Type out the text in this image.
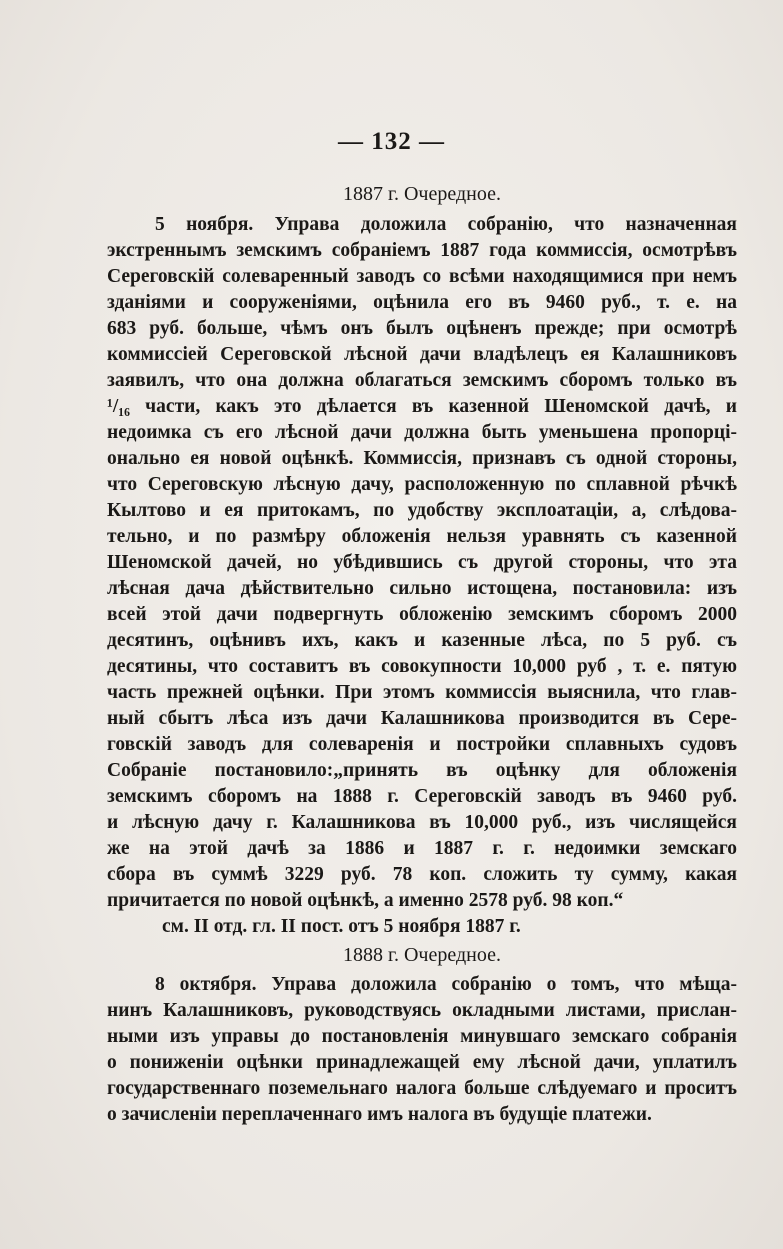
— 132 —
1887 г. Очередное.
5 ноября. Управа доложила собранію, что назначенная
экстреннымъ земскимъ собраніемъ 1887 года коммиссія, осмотрѣвъ
Сереговскій солеваренный заводъ со всѣми находящимися при немъ
зданіями и сооруженіями, оцѣнила его въ 9460 руб., т. е. на
683 руб. больше, чѣмъ онъ былъ оцѣненъ прежде; при осмотрѣ
коммиссіей Сереговской лѣсной дачи владѣлецъ ея Калашниковъ
заявилъ, что она должна облагаться земскимъ сборомъ только въ
¹/₁₆ части, какъ это дѣлается въ казенной Шеномской дачѣ, и
недоимка съ его лѣсной дачи должна быть уменьшена пропорці-
онально ея новой оцѣнкѣ. Коммиссія, признавъ съ одной стороны,
что Сереговскую лѣсную дачу, расположенную по сплавной рѣчкѣ
Кылтово и ея притокамъ, по удобству эксплоатаціи, а, слѣдова-
тельно, и по размѣру обложенія нельзя уравнять съ казенной
Шеномской дачей, но убѣдившись съ другой стороны, что эта
лѣсная дача дѣйствительно сильно истощена, постановила: изъ
всей этой дачи подвергнуть обложенію земскимъ сборомъ 2000
десятинъ, оцѣнивъ ихъ, какъ и казенные лѣса, по 5 руб. съ
десятины, что составитъ въ совокупности 10,000 руб , т. е. пятую
часть прежней оцѣнки. При этомъ коммиссія выяснила, что глав-
ный сбытъ лѣса изъ дачи Калашникова производится въ Сере-
говскій заводъ для солеваренія и постройки сплавныхъ судовъ
Собраніе постановило:„принять въ оцѣнку для обложенія
земскимъ сборомъ на 1888 г. Сереговскій заводъ въ 9460 руб.
и лѣсную дачу г. Калашникова въ 10,000 руб., изъ числящейся
же на этой дачѣ за 1886 и 1887 г. г. недоимки земскаго
сбора въ суммѣ 3229 руб. 78 коп. сложить ту сумму, какая
причитается по новой оцѣнкѣ, а именно 2578 руб. 98 коп.“
см. II отд. гл. II пост. отъ 5 ноября 1887 г.
1888 г. Очередное.
8 октября. Управа доложила собранію о томъ, что мѣща-
нинъ Калашниковъ, руководствуясь окладными листами, прислан-
ными изъ управы до постановленія минувшаго земскаго собранія
о пониженіи оцѣнки принадлежащей ему лѣсной дачи, уплатилъ
государственнаго поземельнаго налога больше слѣдуемаго и проситъ
о зачисленіи переплаченнаго имъ налога въ будущіе платежи.
